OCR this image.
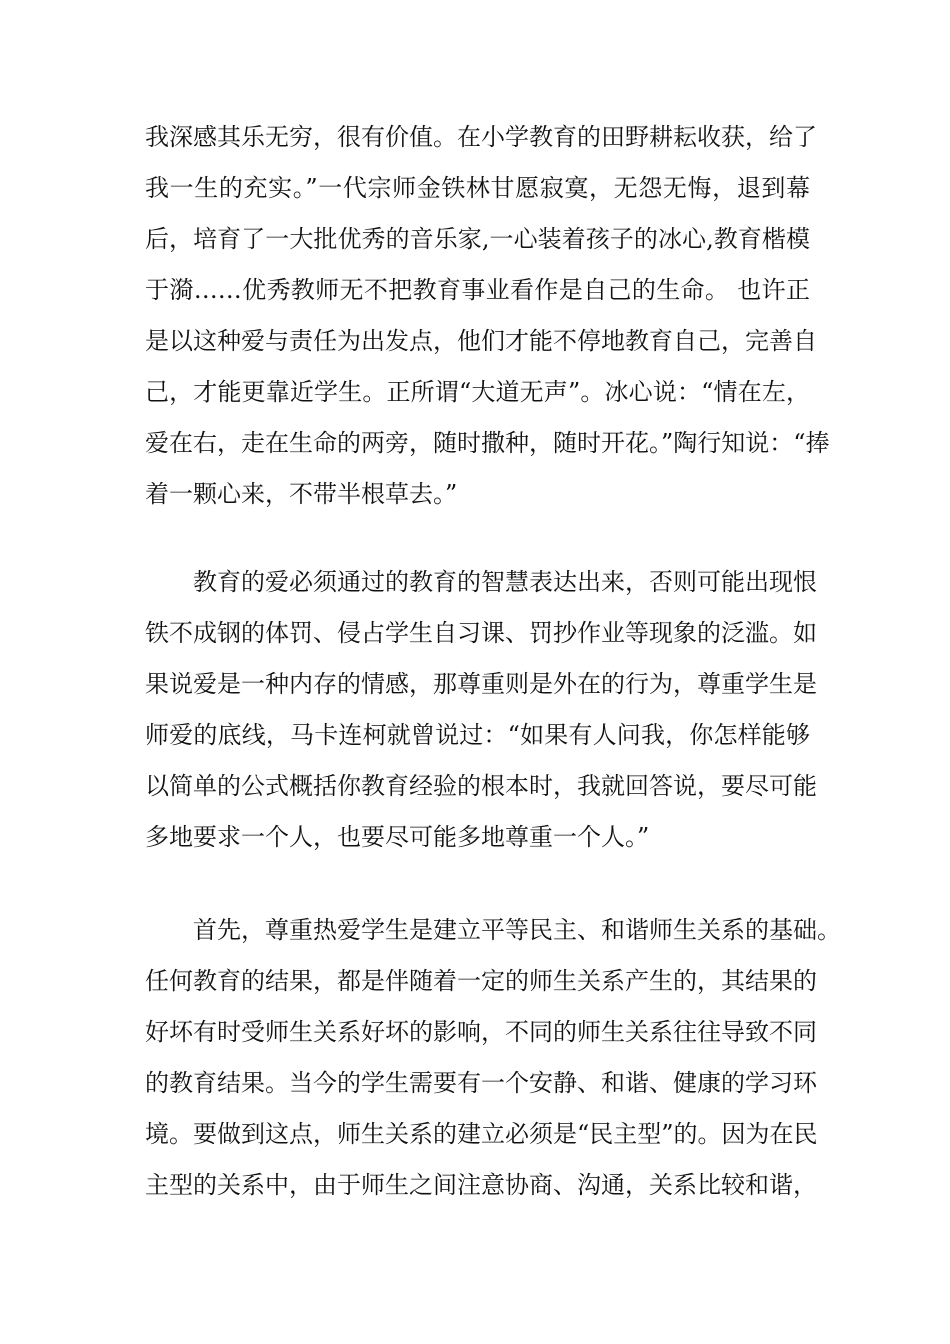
我深感其乐无穷，很有价值。在小学教育的田野耕耘收获，给了
我一生的充实。”一代宗师金铁林甘愿寂寞，无怨无悔，退到幕
后，培育了一大批优秀的音乐家,一心装着孩子的冰心,教育楷模
于漪……优秀教师无不把教育事业看作是自己的生命。 也许正
是以这种爱与责任为出发点，他们才能不停地教育自己，完善自
己，才能更靠近学生。正所谓“大道无声”。冰心说：“情在左，
爱在右，走在生命的两旁，随时撒种，随时开花。”陶行知说：“捧
着一颗心来，不带半根草去。”
教育的爱必须通过的教育的智慧表达出来，否则可能出现恨
铁不成钢的体罚、侵占学生自习课、罚抄作业等现象的泛滥。如
果说爱是一种内存的情感，那尊重则是外在的行为，尊重学生是
师爱的底线，马卡连柯就曾说过：“如果有人问我，你怎样能够
以简单的公式概括你教育经验的根本时，我就回答说，要尽可能
多地要求一个人，也要尽可能多地尊重一个人。”
首先，尊重热爱学生是建立平等民主、和谐师生关系的基础。
任何教育的结果，都是伴随着一定的师生关系产生的，其结果的
好坏有时受师生关系好坏的影响，不同的师生关系往往导致不同
的教育结果。当今的学生需要有一个安静、和谐、健康的学习环
境。要做到这点，师生关系的建立必须是“民主型”的。因为在民
主型的关系中，由于师生之间注意协商、沟通，关系比较和谐，
